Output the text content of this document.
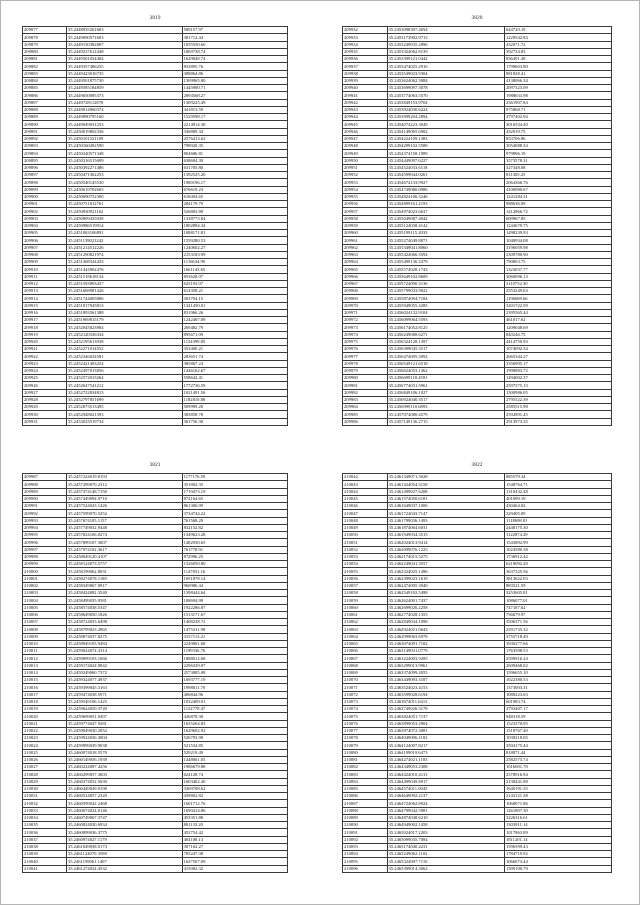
3819
209877	35.2448935261603	589157.97
209878	35.2449090571603	381712.44
209879	35.2449150382807	1055550.60
209880	35.2449237612448	1869738.74
209881	35.2449301034484	1629848.74
209882	35.2449357486255	833895.76
209883	35.2449423016735	388864.86
209884	35.2449501875730	1309965.80
209885	35.2449585184859	1445900.71
209886	35.2449650085373	2894568.27
209887	35.2449728112878	1309225.49
209888	35.2449814960374	341813.59
209889	35.2449890795160	1529598.17
209890	35.2449949031253	2214914.38
209891	35.2450019802336	336889.34
209892	35.2450101521109	2576413.62
209893	35.2450160492590	798920.35
209894	35.2450240571348	804686.81
209895	35.2450316515699	638694.39
209896	35.2450392271486	631705.80
209897	35.2450471362253	1392525.20
209898	35.2450540145530	1980196.17
209899	35.2450619702605	676619.23
209900	35.2450690752300	618494.65
209901	35.2450751812761	284179.79
209902	35.2450830921162	526803.88
209903	35.2450909435038	1338773.84
209904	35.2450986519914	1802894.34
209905	35.2451063106891	1088171.81
209906	35.2451139021242	1559280.53
209907	35.2451214512226	1240602.27
209908	35.2451290821974	2153183.99
209909	35.2451368344433	1116634.90
209910	35.2451443902476	1661143.65
209911	35.2451518618134	853628.07
209912	35.2451593903437	625193.07
209913	35.2451668981426	614358.21
209914	35.2451744005886	303794.15
209915	35.2451817945813	1341450.01
209916	35.2451893561388	831966.26
209917	35.2451969815179	1242467.09
209918	35.2452045023984	269482.79
209919	35.2452120336334	895671.09
209920	35.2452195613938	1134399.85
209921	35.2452271014552	353400.21
209922	35.2452346024581	283651.74
209923	35.2452421403254	385867.24
209924	35.2452497013856	1446162.67
209925	35.2452572013264	558642.41
209926	35.2452647541212	1772736.59
209927	35.2452722834813	1021491.56
209928	35.2452797851699	1182810.88
209929	35.2452873513495	509999.20
209930	35.2452948021393	383858.78
209931	35.2453023519734	361756.30
3820
209932	35.2453098307.4054	644720.19
209933	35.2453173902.9713	1229542.83
209934	35.2453249035.2896	432071.72
209935	35.2453324062.8139	392734.83
209936	35.2453399121.0442	836491.28
209937	35.2453474025.2910	1799603.80
209938	35.2453549023.9304	881828.41
209939	35.2453624062.3084	4138066.34
209940	35.2453699097.3078	2097323.09
209941	35.2453774063.5570	1988633.98
209942	35.2453849153.9704	2361907.84
209943	35.2453924030.6224	975868.71
209944	35.2453999204.2894	3797402.94
209945	35.2454074223.3049	3016534.40
209946	35.2454149065.6902	432019.75
209947	35.2454224109.1383	853706.86
209948	35.2454299102.5588	3054088.34
209949	35.2454374158.1989	979896.19
209950	35.2454449097.6227	3573578.31
209951	35.2454524033.6118	327348.08
209952	35.2454599044.0261	811305.25
209953	35.2454674133.9927	2064366.76
209954	35.2454749080.0986	4100980.67
209955	35.2454824106.3246	1241284.31
209956	35.2454899161.2193	988636.09
209957	35.2454974023.6637	1412866.72
209958	35.2455049087.4042	609967.85
209959	35.2455124038.4142	1244679.75
209960	35.2455199115.2033	1498239.93
209961	35.2455274049.8871	1040934.08
209962	35.2455349041.8060	3196059.98
209963	35.2455424066.3594	2309780.90
209964	35.2455499136.3379	790803.75
209965	35.2455574028.1743	1323037.77
209966	35.2455649102.8609	3060096.13
209967	35.2455724090.3136	3110752.30
209968	35.2455799033.9022	2553249.63
209969	35.2455874094.7184	1196689.66
209970	35.2455949055.4285	3201722.59
209971	35.2456024132.9104	2395565.44
209972	35.2456099064.5593	461017.62
209973	35.2456174052.8125	1209048.69
209974	35.2456249088.6271	840246.75
209975	35.2456324128.1397	4414750.93
209976	35.2456399045.3517	1074092.34
209977	35.2456474095.3092	2665344.27
209978	35.2456549121.6518	3356995.17
209979	35.2456624053.1362	1998883.72
209980	35.2456699118.4591	1494002.37
209981	35.2456774031.5961	2597575.13
209982	35.2456849106.1027	1500986.05
209983	35.2456924040.3517	2795522.39
209984	35.2456999110.6893	2585515.98
209985	35.2457074080.4579	2592891.45
209986	35.2457149136.2715	2913973.35
3821
209987	35.2457224019.8193	1177176.59
209988	35.2457299070.2312	351802.35
209989	35.2457374148.7150	1719473.19
209990	35.2457449094.9710	874164.65
209991	35.2457524043.1426	861306.09
209992	35.2457599070.5252	3734744.22
209993	35.2457674105.1157	761568.29
209994	35.2457749032.9448	832152.82
209995	35.2457824106.0274	1349623.28
209996	35.2457899107.3007	1482930.65
209997	35.2457974102.3617	761778.91
209998	35.2458049120.4107	872996.25
209999	35.2458124073.5757	1326050.80
210000	35.2458199062.8031	1147831.16
210001	35.2458274078.1189	1691878.14
210002	35.2458349067.0917	960986.44
210003	35.2458424082.3540	1398444.64
210004	35.2458499035.9581	108694.99
210005	35.2458574038.5347	1922286.87
210006	35.2458649050.1826	1513171.67
210007	35.2458724055.6498	1408238.72
210008	35.2458799023.2865	1475311.98
210009	35.2458874037.8275	3157113.21
210010	35.2458949105.9484	2249061.68
210011	35.2459024074.3314	1199336.76
210012	35.2459099103.1066	1888012.68
210013	35.2459174024.9842	2296329.07
210014	35.2459249060.7372	2573085.08
210015	35.2459324077.4937	1693777.19
210016	35.2459399045.3163	1998011.70
210017	35.2459474038.5971	406844.96
210018	35.2459549106.1425	1032409.01
210019	35.2459624050.3749	1152778.47
210020	35.2459699051.0497	426878.30
210021	35.2459774047.9281	1635264.83
210022	35.2459849030.2052	1629602.92
210023	35.2459924036.3004	526793.98
210024	35.2459999039.9038	521534.85
210025	35.2460074018.5570	529219.49
210026	35.2460149056.1939	1448061.05
210027	35.2460224087.4256	1986679.88
210028	35.2460299057.3603	624128.74
210029	35.2460374052.5630	1603462.40
210030	35.2460449049.0190	3369708.62
210031	35.2460524057.2320	439802.82
210032	35.2460599042.2468	1601712.76
210033	35.2460674024.0146	1690414.86
210034	35.2460749067.3747	453351.88
210035	35.2460824030.6934	801133.20
210036	35.2460899036.3775	452754.42
210037	35.2460974027.1179	404108.13
210038	35.2461049038.0173	307162.27
210039	35.2461124070.3598	785247.38
210040	35.2461199061.1407	1627507.09
210041	35.2461274024.4532	415082.32
3822
210042	35.2461349071.3028	885579.34
210043	35.2461424054.3158	1548764.71
210044	35.2461499027.6208	1318432.48
210045	35.2461574050.6181	401099.19
210046	35.2461649037.1006	430464.02
210047	35.2461724043.7147	329405.09
210048	35.2461799036.1493	1118698.81
210049	35.2461874064.6031	2448175.30
210050	35.2461949034.3515	1122874.29
210051	35.2462024013.9414	1543892.99
210052	35.2462099076.1225	1024580.38
210053	35.2462174015.5275	1736912.42
210054	35.2462249041.3557	6218092.20
210055	35.2462324025.1496	3637325.56
210056	35.2462399023.1619	3813622.03
210057	35.2462474005.3940	883521.59
210058	35.2462549102.5498	3253605.81
210059	35.2462624001.7437	1086077.01
210060	35.2462699026.2258	747187.62
210061	35.2462774028.1355	756679.97
210062	35.2462849034.1098	3506371.56
210063	35.2462924021.0643	2591735.32
210064	35.2462999063.6978	3755718.49
210065	35.2463074091.7102	3930277.66
210066	35.2463149031.0779	1763598.53
210067	35.2463224003.9285	2599916.24
210068	35.2463299013.9961	2609468.02
210069	35.2463374099.2055	1596655.10
210070	35.2463449093.3187	1022380.53
210071	35.2463524023.4153	1373003.31
210072	35.2463599028.6194	1088223.63
210073	35.2463674011.6413	601983.74
210074	35.2463749026.3178	3793407.17
210075	35.2463824051.7137	948318.59
210076	35.2463899053.2904	1523370.95
210077	35.2463974072.3081	1518767.40
210078	35.2464049006.1182	1039218.05
210079	35.2464124007.8217	3504175.44
210080	35.2464199019.6473	818871.44
210081	35.2464274021.1183	2582573.74
210082	35.2464349053.2308	1016001.70
210083	35.2464424010.4131	2578916.94
210084	35.2464499049.8017	2138441.88
210085	35.2464574011.0045	1640191.35
210086	35.2464649092.2137	2143121.38
210087	35.2464724062.8924	1068071.86
210088	35.2464799042.5981	1261807.30
210089	35.2464874048.6210	3226316.61
210090	35.2464949002.1458	1303911.14
210091	35.2465024017.2203	1017863.89
210092	35.2465099035.7084	1811201.14
210093	35.2465174040.4231	1596599.43
210094	35.2465249062.1102	1784719.92
210095	35.2465324007.7110	1066073.44
210096	35.2465399014.3062	1399100.79
